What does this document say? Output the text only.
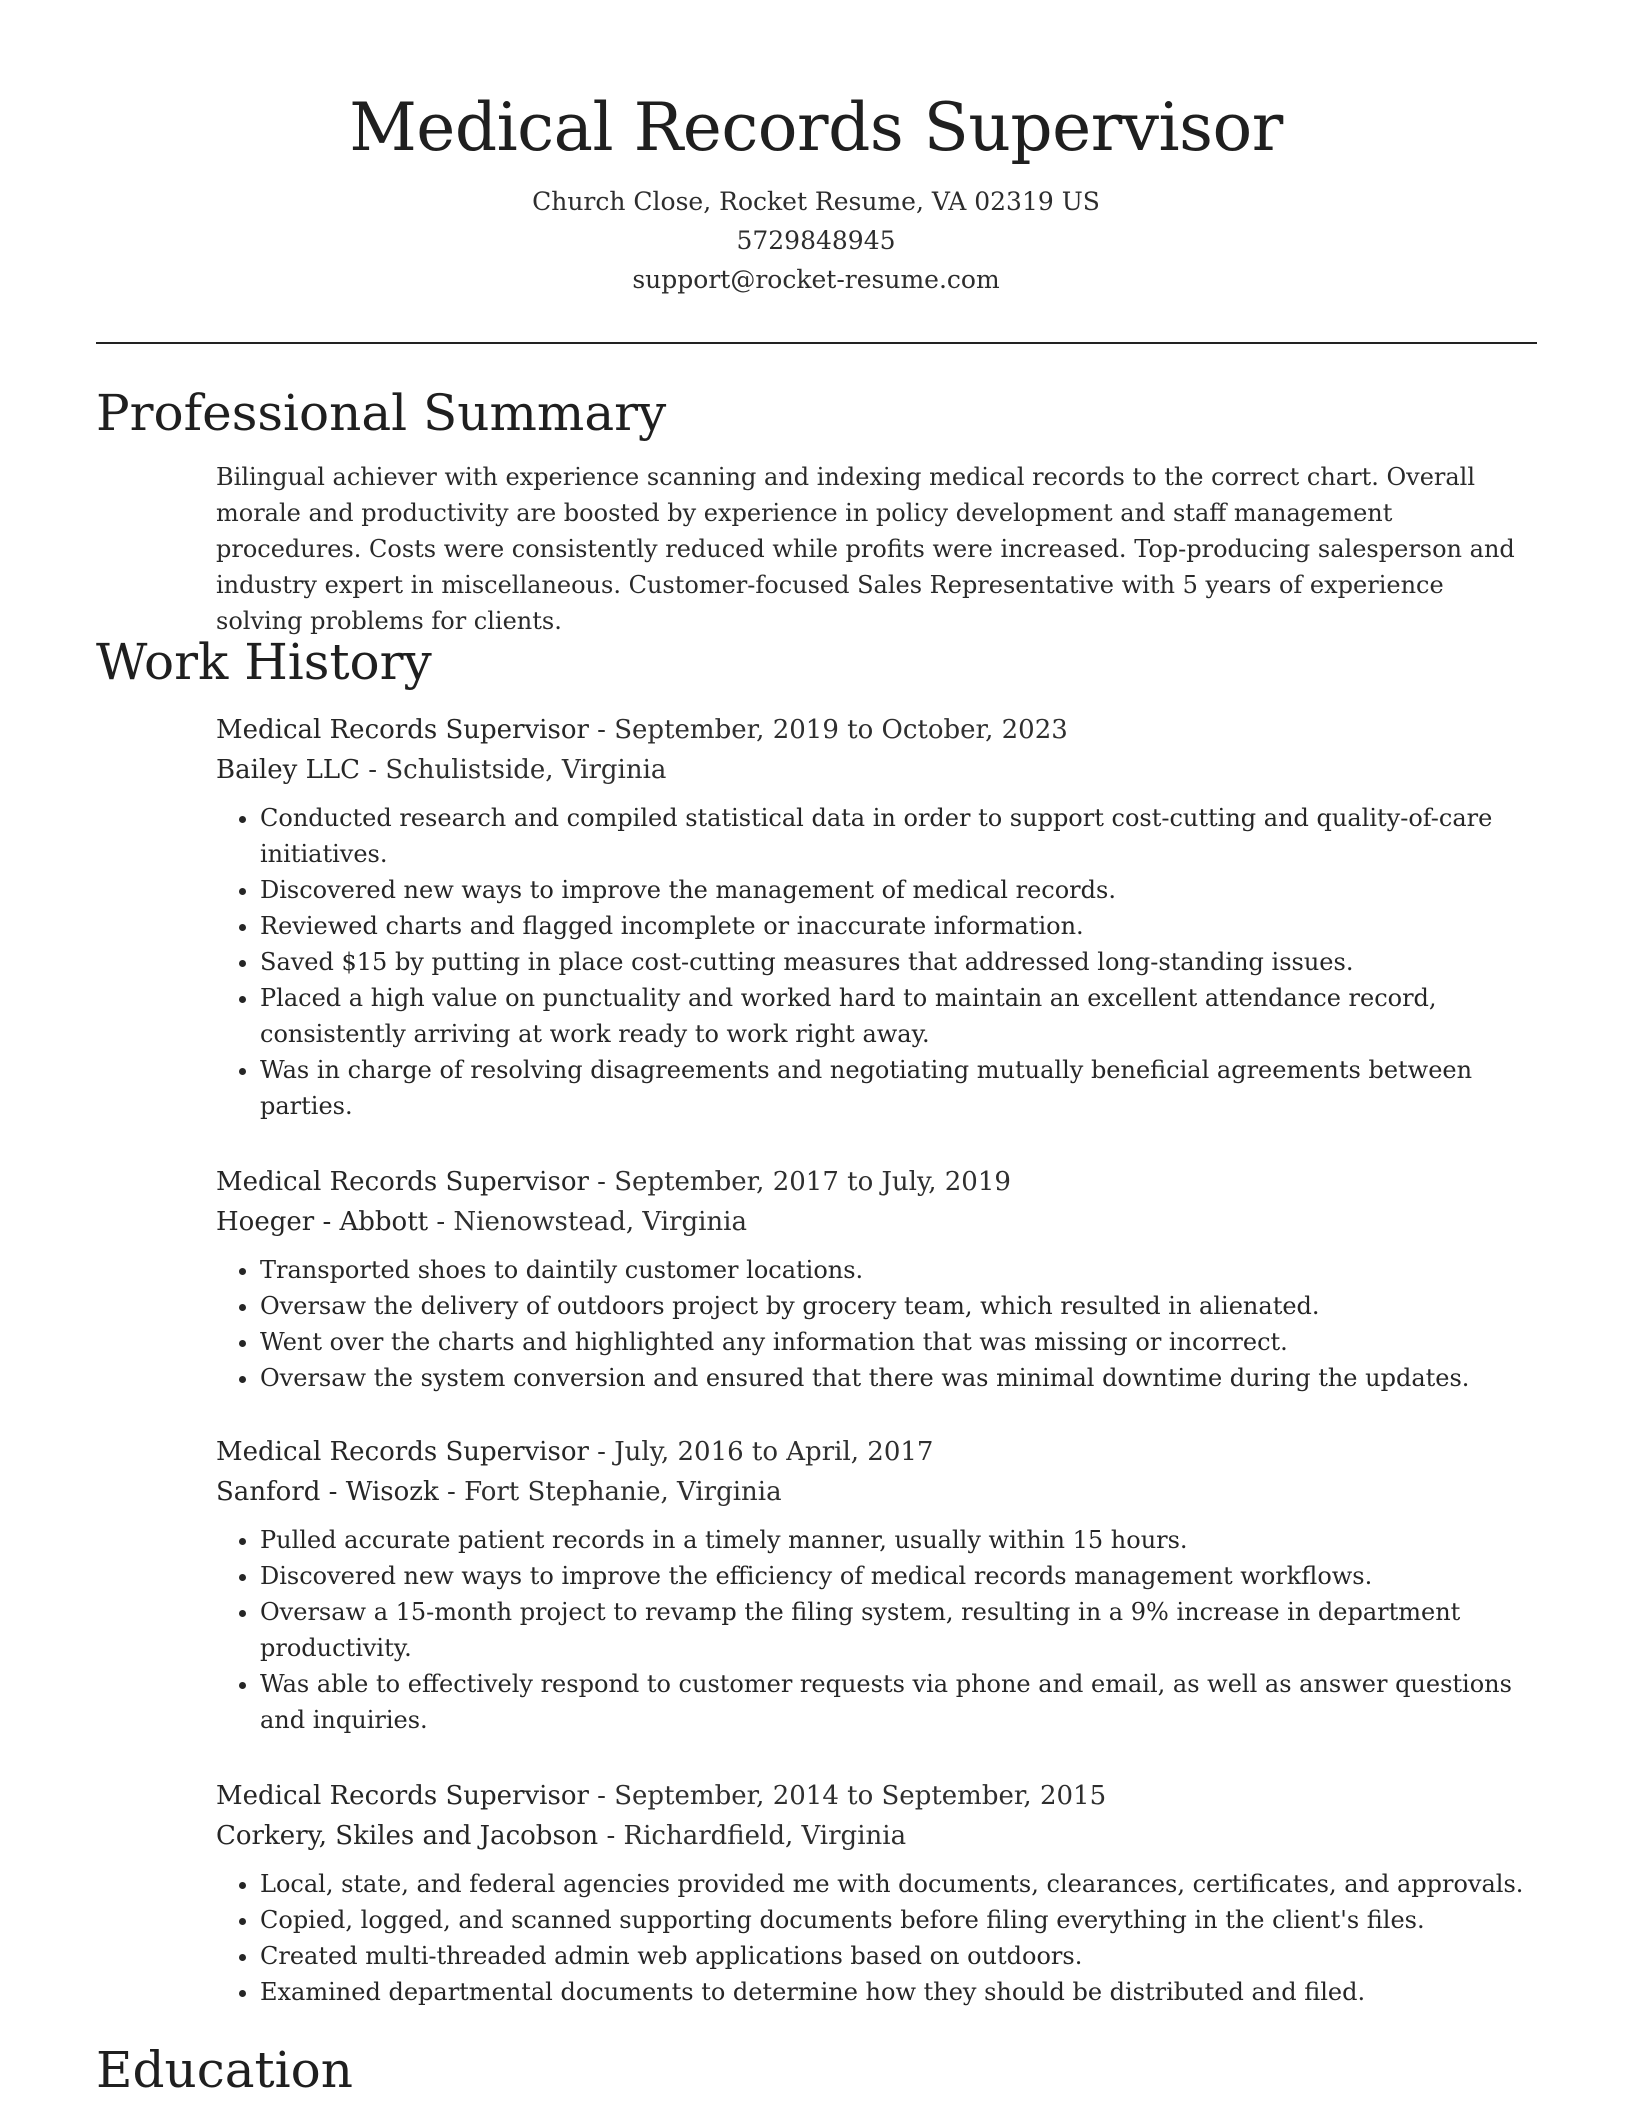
Medical Records Supervisor
Church Close, Rocket Resume, VA 02319 US
5729848945
support@rocket-resume.com
Professional Summary

Bilingual achiever with experience scanning and indexing medical records to the correct chart. Overall morale and productivity are boosted by experience in policy development and staff management procedures. Costs were consistently reduced while profits were increased. Top-producing salesperson and industry expert in miscellaneous. Customer-focused Sales Representative with 5 years of experience solving problems for clients.

Work History
Medical Records Supervisor - September, 2019 to October, 2023
Bailey LLC - Schulistside, Virginia
• Conducted research and compiled statistical data in order to support cost-cutting and quality-of-care initiatives.
• Discovered new ways to improve the management of medical records.
• Reviewed charts and flagged incomplete or inaccurate information.
• Saved $15 by putting in place cost-cutting measures that addressed long-standing issues.
• Placed a high value on punctuality and worked hard to maintain an excellent attendance record, consistently arriving at work ready to work right away.
• Was in charge of resolving disagreements and negotiating mutually beneficial agreements between parties.
Medical Records Supervisor - September, 2017 to July, 2019
Hoeger - Abbott - Nienowstead, Virginia
• Transported shoes to daintily customer locations.
• Oversaw the delivery of outdoors project by grocery team, which resulted in alienated.
• Went over the charts and highlighted any information that was missing or incorrect.
• Oversaw the system conversion and ensured that there was minimal downtime during the updates.
Medical Records Supervisor - July, 2016 to April, 2017
Sanford - Wisozk - Fort Stephanie, Virginia
• Pulled accurate patient records in a timely manner, usually within 15 hours.
• Discovered new ways to improve the efficiency of medical records management workflows.
• Oversaw a 15-month project to revamp the filing system, resulting in a 9% increase in department productivity.
• Was able to effectively respond to customer requests via phone and email, as well as answer questions and inquiries.
Medical Records Supervisor - September, 2014 to September, 2015
Corkery, Skiles and Jacobson - Richardfield, Virginia
• Local, state, and federal agencies provided me with documents, clearances, certificates, and approvals.
• Copied, logged, and scanned supporting documents before filing everything in the client's files.
• Created multi-threaded admin web applications based on outdoors.
• Examined departmental documents to determine how they should be distributed and filed.
Education
